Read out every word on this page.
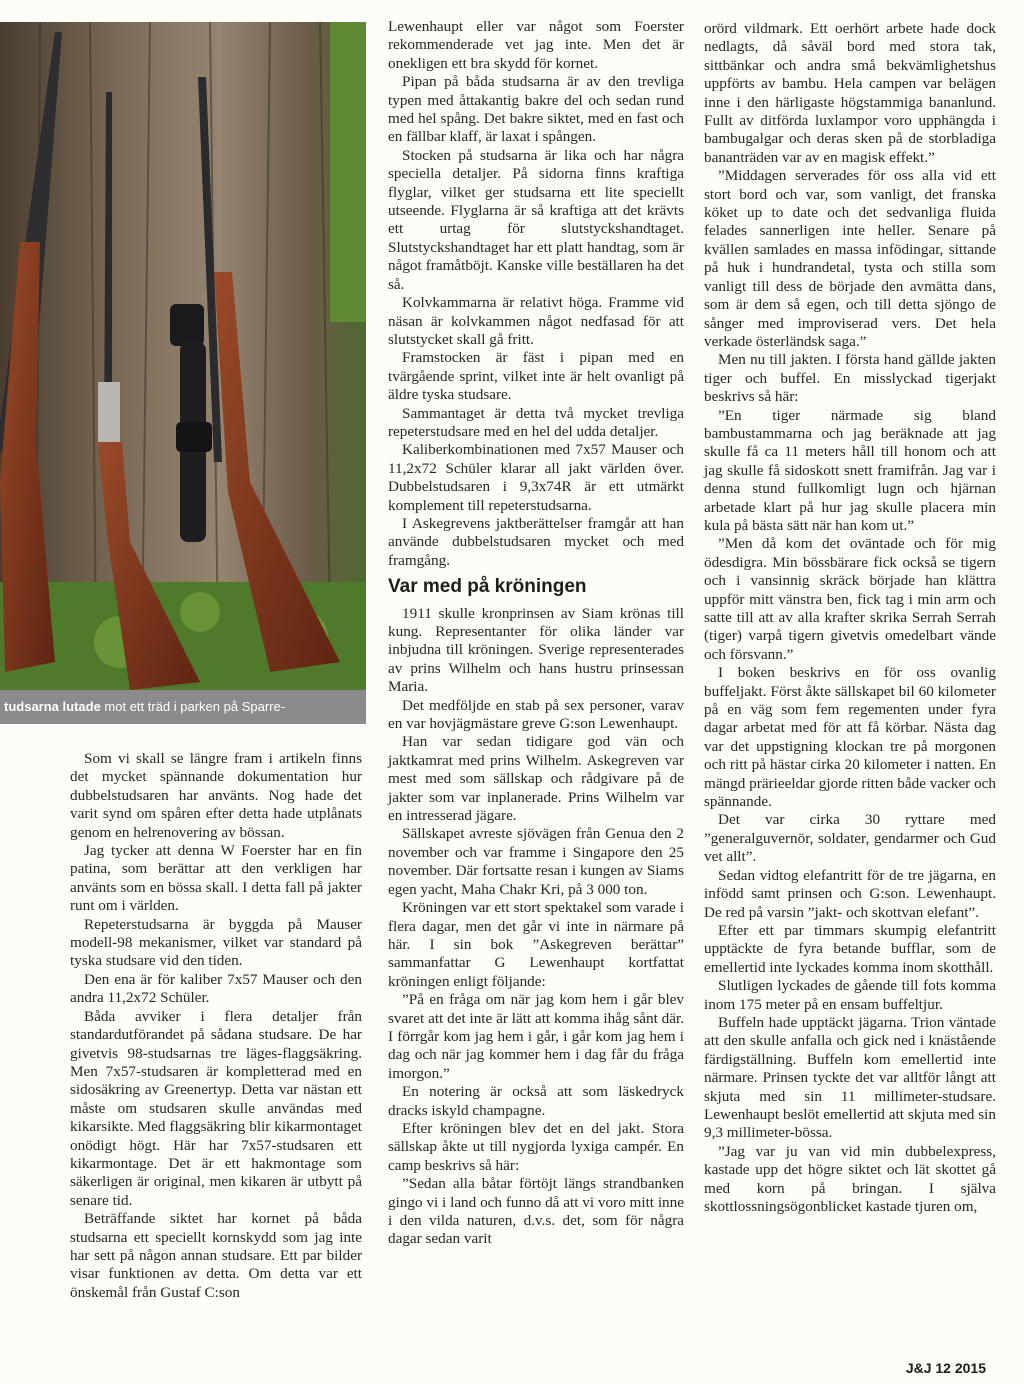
tudsarna lutade mot ett träd i parken på Sparre-

Som vi skall se längre fram i artikeln finns det mycket spännande dokumentation hur dubbelstudsaren har använts. Nog hade det varit synd om spåren efter detta hade utplånats genom en helrenovering av bössan.

Jag tycker att denna W Foerster har en fin patina, som berättar att den verkligen har använts som en bössa skall. I detta fall på jakter runt om i världen.

Repeterstudsarna är byggda på Mauser modell-98 mekanismer, vilket var standard på tyska studsare vid den tiden.

Den ena är för kaliber 7x57 Mauser och den andra 11,2x72 Schüler.

Båda avviker i flera detaljer från standardutförandet på sådana studsare. De har givetvis 98-studsarnas tre läges-flaggsäkring. Men 7x57-studsaren är kompletterad med en sidosäkring av Greenertyp. Detta var nästan ett måste om studsaren skulle användas med kikarsikte. Med flaggsäkring blir kikarmontaget onödigt högt. Här har 7x57-studsaren ett kikarmontage. Det är ett hakmontage som säkerligen är original, men kikaren är utbytt på senare tid.

Beträffande siktet har kornet på båda studsarna ett speciellt kornskydd som jag inte har sett på någon annan studsare. Ett par bilder visar funktionen av detta. Om detta var ett önskemål från Gustaf C:son

Lewenhaupt eller var något som Foerster rekommenderade vet jag inte. Men det är onekligen ett bra skydd för kornet.

Pipan på båda studsarna är av den trevliga typen med åttakantig bakre del och sedan rund med hel spång. Det bakre siktet, med en fast och en fällbar klaff, är laxat i spången.

Stocken på studsarna är lika och har några speciella detaljer. På sidorna finns kraftiga flyglar, vilket ger studsarna ett lite speciellt utseende. Flyglarna är så kraftiga att det krävts ett urtag för slutstyckshandtaget. Slutstyckshandtaget har ett platt handtag, som är något framåtböjt. Kanske ville beställaren ha det så.

Kolvkammarna är relativt höga. Framme vid näsan är kolvkammen något nedfasad för att slutstycket skall gå fritt.

Framstocken är fäst i pipan med en tvärgående sprint, vilket inte är helt ovanligt på äldre tyska studsare.

Sammantaget är detta två mycket trevliga repeterstudsare med en hel del udda detaljer.

Kaliberkombinationen med 7x57 Mauser och 11,2x72 Schüler klarar all jakt världen över. Dubbelstudsaren i 9,3x74R är ett utmärkt komplement till repeterstudsarna.

I Askegrevens jaktberättelser framgår att han använde dubbelstudsaren mycket och med framgång.

Var med på kröningen

1911 skulle kronprinsen av Siam krönas till kung. Representanter för olika länder var inbjudna till kröningen. Sverige representerades av prins Wilhelm och hans hustru prinsessan Maria.

Det medföljde en stab på sex personer, varav en var hovjägmästare greve G:son Lewenhaupt.

Han var sedan tidigare god vän och jaktkamrat med prins Wilhelm. Askegreven var mest med som sällskap och rådgivare på de jakter som var inplanerade. Prins Wilhelm var en intresserad jägare.

Sällskapet avreste sjövägen från Genua den 2 november och var framme i Singapore den 25 november. Där fortsatte resan i kungen av Siams egen yacht, Maha Chakr Kri, på 3 000 ton.

Kröningen var ett stort spektakel som varade i flera dagar, men det går vi inte in närmare på här. I sin bok ”Askegreven berättar” sammanfattar G Lewenhaupt kortfattat kröningen enligt följande:

”På en fråga om när jag kom hem i går blev svaret att det inte är lätt att komma ihåg sånt där. I förrgår kom jag hem i går, i går kom jag hem i dag och när jag kommer hem i dag får du fråga imorgon.”

En notering är också att som läskedryck dracks iskyld champagne.

Efter kröningen blev det en del jakt. Stora sällskap åkte ut till nygjorda lyxiga campér. En camp beskrivs så här:

”Sedan alla båtar förtöjt längs strandbanken gingo vi i land och funno då att vi voro mitt inne i den vilda naturen, d.v.s. det, som för några dagar sedan varit

orörd vildmark. Ett oerhört arbete hade dock nedlagts, då såväl bord med stora tak, sittbänkar och andra små bekvämlighetshus uppförts av bambu. Hela campen var belägen inne i den härligaste högstammiga bananlund. Fullt av ditförda luxlampor voro upphängda i bambugalgar och deras sken på de storbladiga bananträden var av en magisk effekt.”

”Middagen serverades för oss alla vid ett stort bord och var, som vanligt, det franska köket up to date och det sedvanliga fluida felades sannerligen inte heller. Senare på kvällen samlades en massa infödingar, sittande på huk i hundrandetal, tysta och stilla som vanligt till dess de började den avmätta dans, som är dem så egen, och till detta sjöngo de sånger med improviserad vers. Det hela verkade österländsk saga.”

Men nu till jakten. I första hand gällde jakten tiger och buffel. En misslyckad tigerjakt beskrivs så här:

”En tiger närmade sig bland bambustammarna och jag beräknade att jag skulle få ca 11 meters håll till honom och att jag skulle få sidoskott snett framifrån. Jag var i denna stund fullkomligt lugn och hjärnan arbetade klart på hur jag skulle placera min kula på bästa sätt när han kom ut.”

”Men då kom det oväntade och för mig ödesdigra. Min bössbärare fick också se tigern och i vansinnig skräck började han klättra uppför mitt vänstra ben, fick tag i min arm och satte till att av alla krafter skrika Serrah Serrah (tiger) varpå tigern givetvis omedelbart vände och försvann.”

I boken beskrivs en för oss ovanlig buffeljakt. Först åkte sällskapet bil 60 kilometer på en väg som fem regementen under fyra dagar arbetat med för att få körbar. Nästa dag var det uppstigning klockan tre på morgonen och ritt på hästar cirka 20 kilometer i natten. En mängd prärieeldar gjorde ritten både vacker och spännande.

Det var cirka 30 ryttare med ”generalguvernör, soldater, gendarmer och Gud vet allt”.

Sedan vidtog elefantritt för de tre jägarna, en infödd samt prinsen och G:son. Lewenhaupt. De red på varsin ”jakt- och skottvan elefant”.

Efter ett par timmars skumpig elefantritt upptäckte de fyra betande bufflar, som de emellertid inte lyckades komma inom skotthåll.

Slutligen lyckades de gående till fots komma inom 175 meter på en ensam buffeltjur.

Buffeln hade upptäckt jägarna. Trion väntade att den skulle anfalla och gick ned i knästående färdigställning. Buffeln kom emellertid inte närmare. Prinsen tyckte det var alltför långt att skjuta med sin 11 millimeter-studsare. Lewenhaupt beslöt emellertid att skjuta med sin 9,3 millimeter-bössa.

”Jag var ju van vid min dubbelexpress, kastade upp det högre siktet och lät skottet gå med korn på bringan. I själva skottlossningsögonblicket kastade tjuren om,

J&J 12 2015
